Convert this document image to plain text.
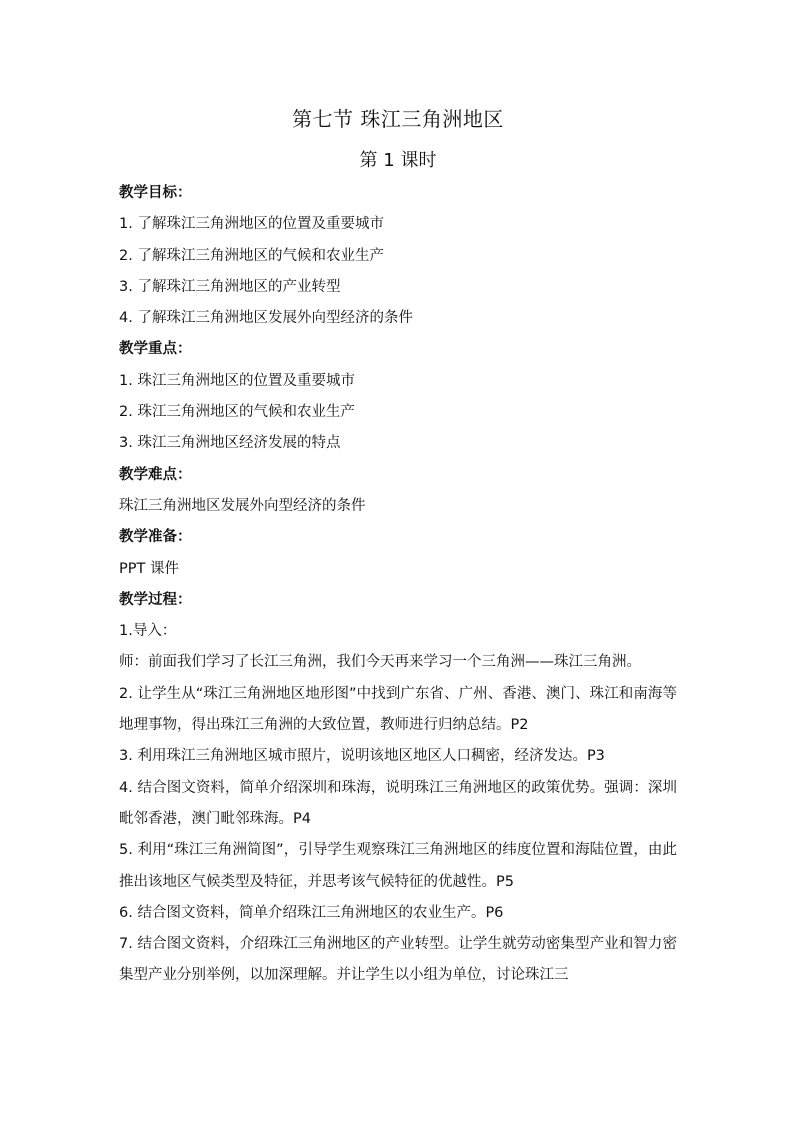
第七节 珠江三角洲地区
第 1 课时

教学目标：

1. 了解珠江三角洲地区的位置及重要城市

2. 了解珠江三角洲地区的气候和农业生产

3. 了解珠江三角洲地区的产业转型

4. 了解珠江三角洲地区发展外向型经济的条件

教学重点：

1. 珠江三角洲地区的位置及重要城市

2. 珠江三角洲地区的气候和农业生产

3. 珠江三角洲地区经济发展的特点

教学难点：

珠江三角洲地区发展外向型经济的条件

教学准备：

PPT 课件

教学过程：

1.导入：

师：前面我们学习了长江三角洲，我们今天再来学习一个三角洲——珠江三角洲。

2. 让学生从“珠江三角洲地区地形图”中找到广东省、广州、香港、澳门、珠江和南海等地理事物，得出珠江三角洲的大致位置，教师进行归纳总结。P2

3. 利用珠江三角洲地区城市照片，说明该地区地区人口稠密，经济发达。P3

4. 结合图文资料，简单介绍深圳和珠海，说明珠江三角洲地区的政策优势。强调：深圳毗邻香港，澳门毗邻珠海。P4

5. 利用“珠江三角洲简图”，引导学生观察珠江三角洲地区的纬度位置和海陆位置，由此推出该地区气候类型及特征，并思考该气候特征的优越性。P5

6. 结合图文资料，简单介绍珠江三角洲地区的农业生产。P6

7. 结合图文资料，介绍珠江三角洲地区的产业转型。让学生就劳动密集型产业和智力密集型产业分别举例，以加深理解。并让学生以小组为单位，讨论珠江三
